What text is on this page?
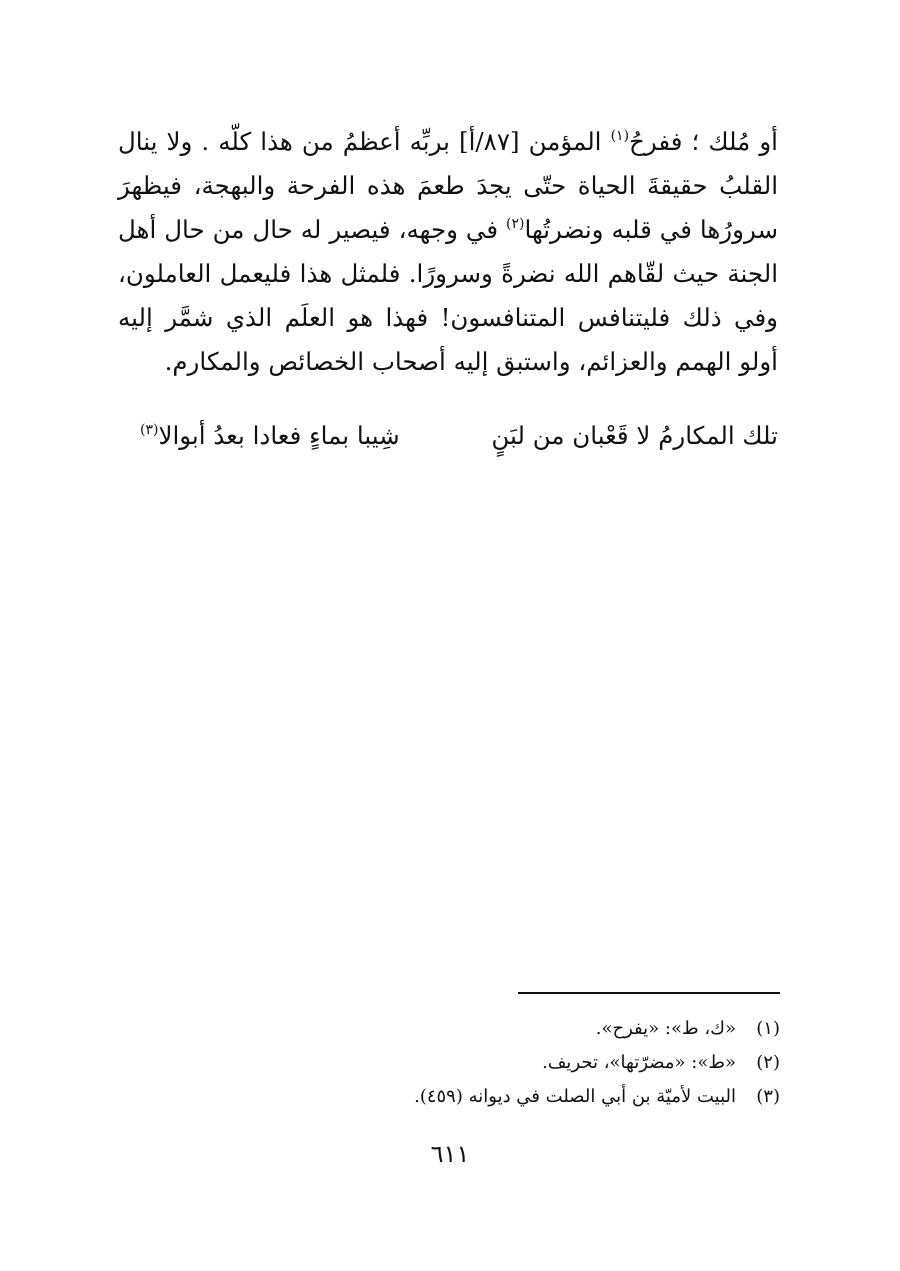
أو مُلك ؛ ففرحُ$^{(١)}$ المؤمن [٨٧/أ] بربِّه أعظمُ من هذا كلّه . ولا ينال القلبُ حقيقةَ الحياة حتّى يجدَ طعمَ هذه الفرحة والبهجة، فيظهرَ سرورُها في قلبه ونضرتُها$^{(٢)}$ في وجهه، فيصير له حال من حال أهل الجنة حيث لقّاهم الله نضرةً وسرورًا. فلمثل هذا فليعمل العاملون، وفي ذلك فليتنافس المتنافسون! فهذا هو العلَم الذي شمَّر إليه أولو الهمم والعزائم، واستبق إليه أصحاب الخصائص والمكارم.

تلك المكارمُ لا قَعْبان من لبَنٍ
شِيبا بماءٍ فعادا بعدُ أبوالا$^{(٣)}$
(١)
«ك، ط»: «يفرح».
(٢)
«ط»: «مضرّتها»، تحريف.
(٣)
البيت لأميّة بن أبي الصلت في ديوانه (٤٥٩).
٦١١
